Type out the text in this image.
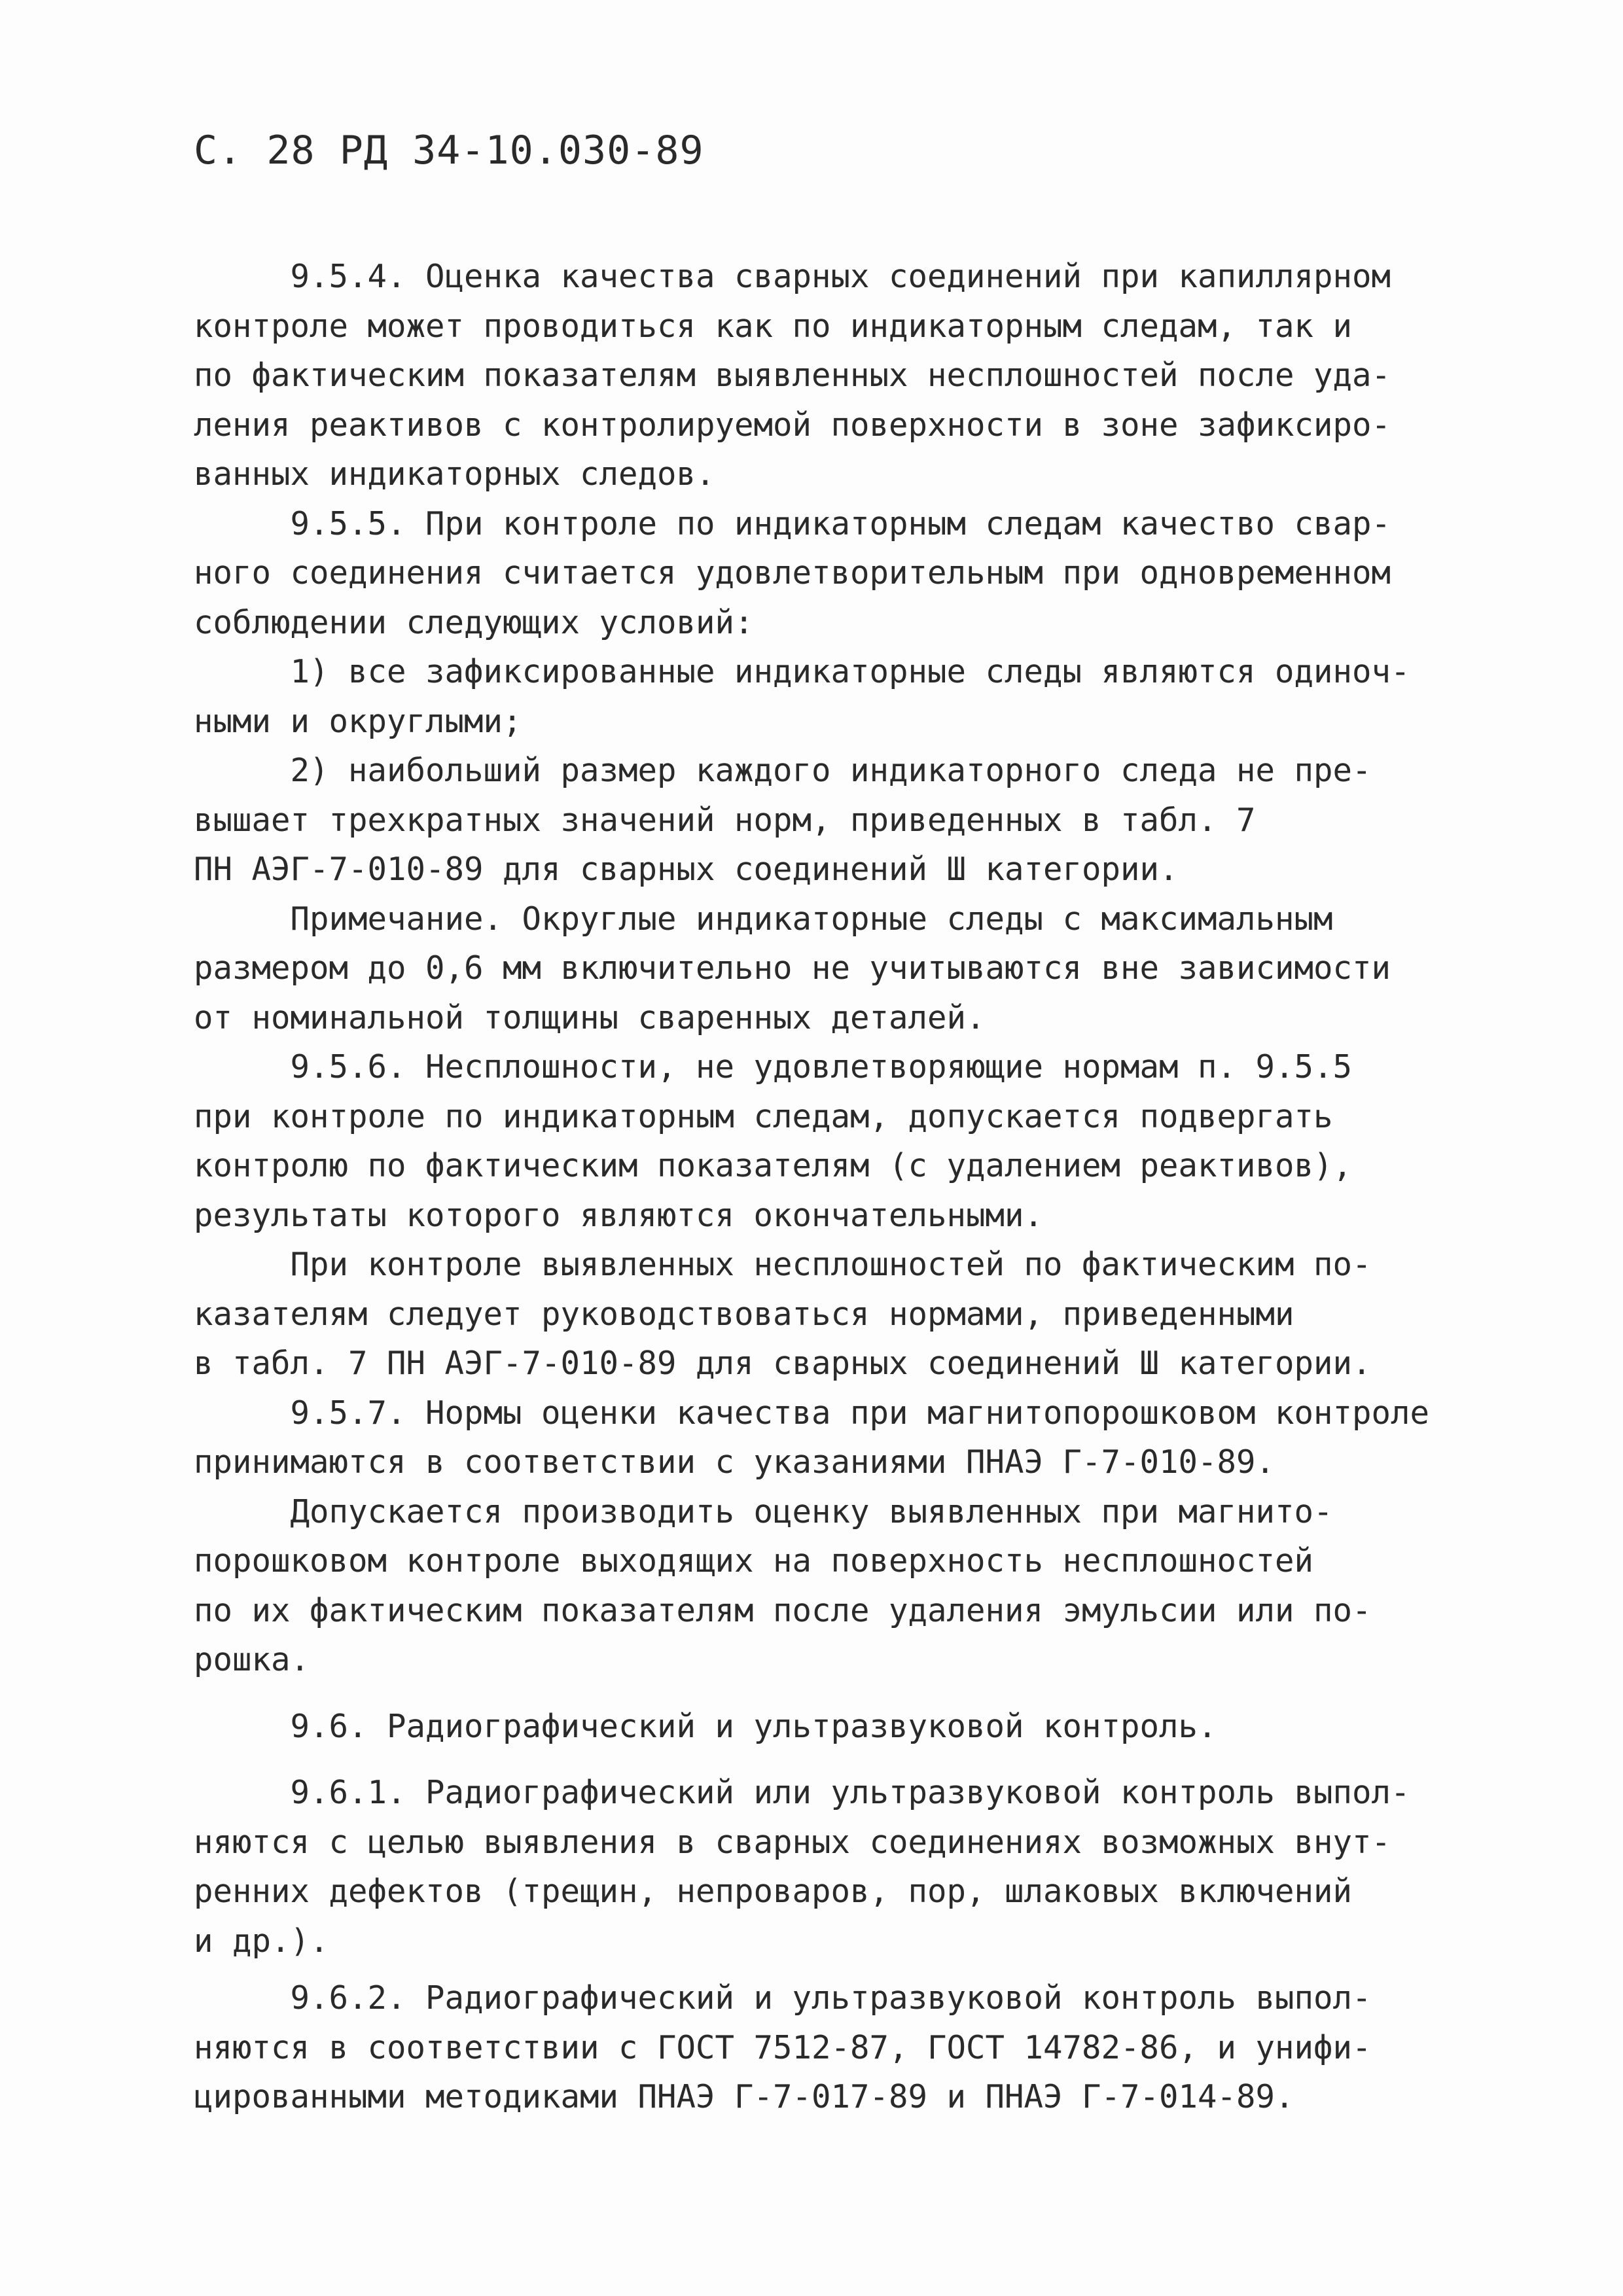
С. 28 РД 34-10.030-89
9.5.4. Оценка качества сварных соединений при капиллярном
контроле может проводиться как по индикаторным следам, так и
по фактическим показателям выявленных несплошностей после уда-
ления реактивов с контролируемой поверхности в зоне зафиксиро-
ванных индикаторных следов.
9.5.5. При контроле по индикаторным следам качество свар-
ного соединения считается удовлетворительным при одновременном
соблюдении следующих условий:
1) все зафиксированные индикаторные следы являются одиноч-
ными и округлыми;
2) наибольший размер каждого индикаторного следа не пре-
вышает трехкратных значений норм, приведенных в табл. 7
ПН АЭГ-7-010-89 для сварных соединений Ш категории.
Примечание. Округлые индикаторные следы с максимальным
размером до 0,6 мм включительно не учитываются вне зависимости
от номинальной толщины сваренных деталей.
9.5.6. Несплошности, не удовлетворяющие нормам п. 9.5.5
при контроле по индикаторным следам, допускается подвергать
контролю по фактическим показателям (с удалением реактивов),
результаты которого являются окончательными.
При контроле выявленных несплошностей по фактическим по-
казателям следует руководствоваться нормами, приведенными
в табл. 7 ПН АЭГ-7-010-89 для сварных соединений Ш категории.
9.5.7. Нормы оценки качества при магнитопорошковом контроле
принимаются в соответствии с указаниями ПНАЭ Г-7-010-89.
Допускается производить оценку выявленных при магнито-
порошковом контроле выходящих на поверхность несплошностей
по их фактическим показателям после удаления эмульсии или по-
рошка.
9.6. Радиографический и ультразвуковой контроль.
9.6.1. Радиографический или ультразвуковой контроль выпол-
няются с целью выявления в сварных соединениях возможных внут-
ренних дефектов (трещин, непроваров, пор, шлаковых включений
и др.).
9.6.2. Радиографический и ультразвуковой контроль выпол-
няются в соответствии с ГОСТ 7512-87, ГОСТ 14782-86, и унифи-
цированными методиками ПНАЭ Г-7-017-89 и ПНАЭ Г-7-014-89.
